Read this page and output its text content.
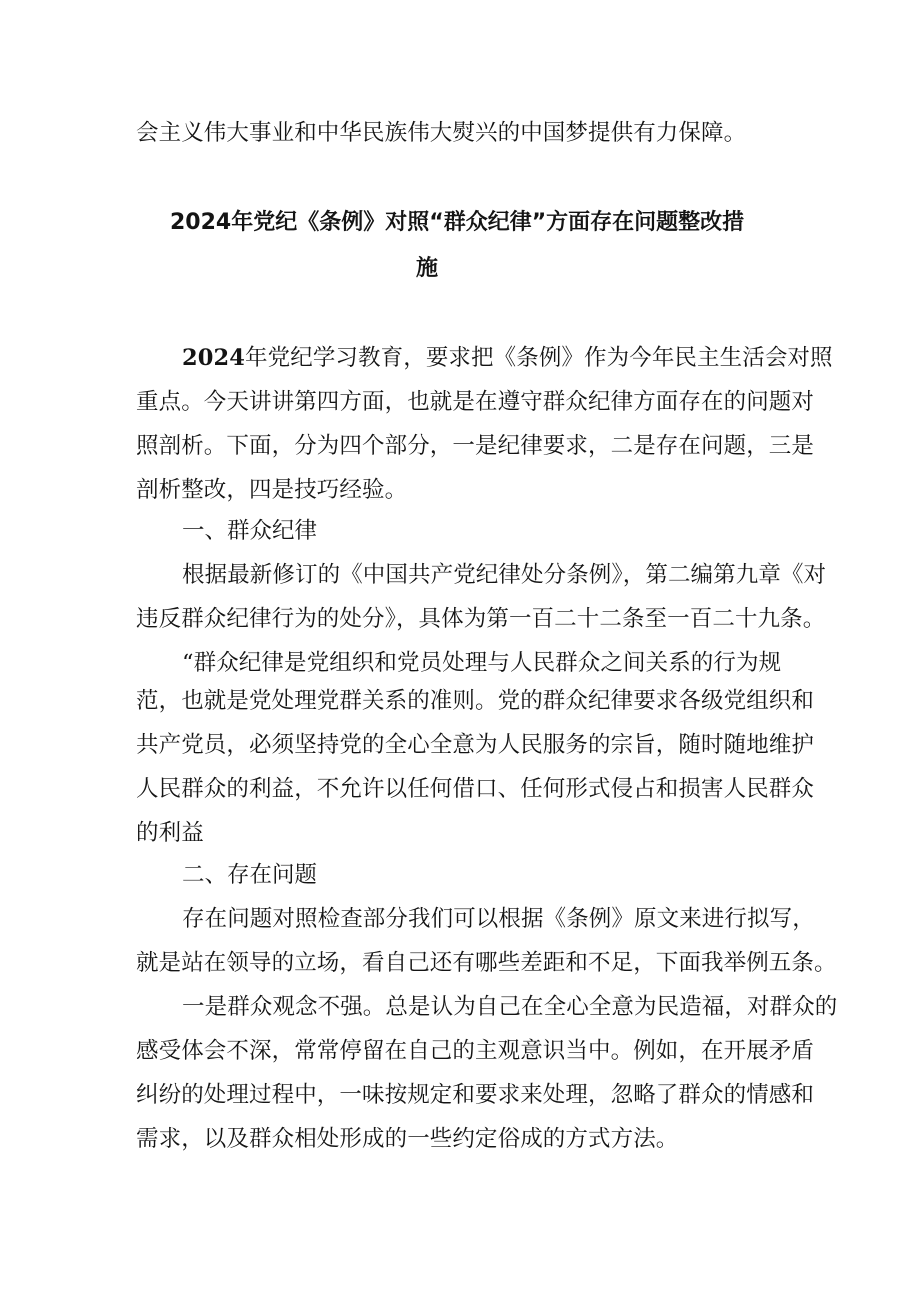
会主义伟大事业和中华民族伟大熨兴的中国梦提供有力保障。
2024年党纪《条例》对照“群众纪律”方面存在问题整改措
施
2024年党纪学习教育，要求把《条例》作为今年民主生活会对照
重点。今天讲讲第四方面，也就是在遵守群众纪律方面存在的问题对
照剖析。下面，分为四个部分，一是纪律要求，二是存在问题，三是
剖析整改，四是技巧经验。
一、群众纪律
根据最新修订的《中国共产党纪律处分条例》，第二编第九章《对
违反群众纪律行为的处分》，具体为第一百二十二条至一百二十九条。
“群众纪律是党组织和党员处理与人民群众之间关系的行为规
范，也就是党处理党群关系的准则。党的群众纪律要求各级党组织和
共产党员，必须坚持党的全心全意为人民服务的宗旨，随时随地维护
人民群众的利益，不允许以任何借口、任何形式侵占和损害人民群众
的利益
二、存在问题
存在问题对照检查部分我们可以根据《条例》原文来进行拟写，
就是站在领导的立场，看自己还有哪些差距和不足，下面我举例五条。
一是群众观念不强。总是认为自己在全心全意为民造福，对群众的
感受体会不深，常常停留在自己的主观意识当中。例如，在开展矛盾
纠纷的处理过程中，一味按规定和要求来处理，忽略了群众的情感和
需求，以及群众相处形成的一些约定俗成的方式方法。
